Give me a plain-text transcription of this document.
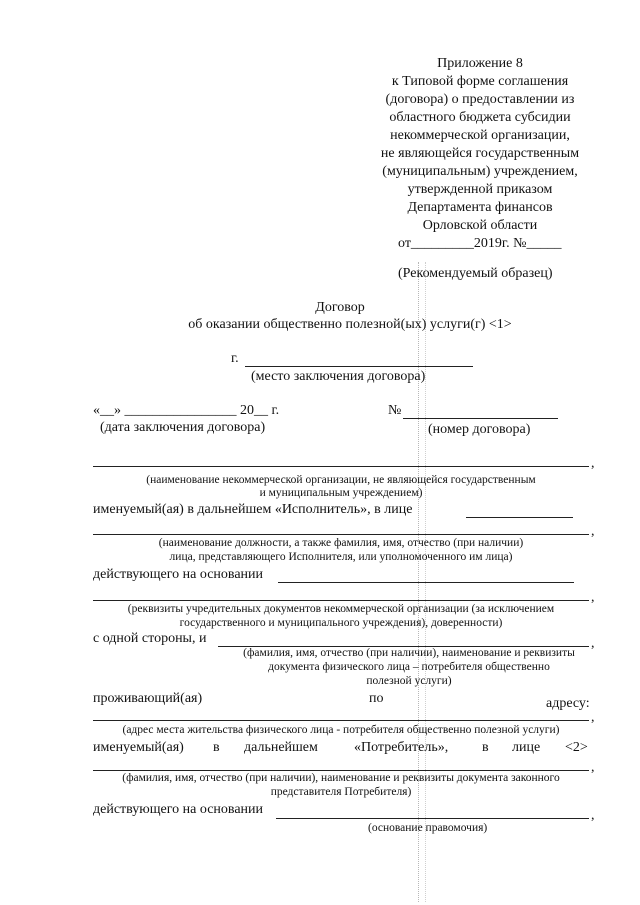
Приложение 8
к Типовой форме соглашения
(договора) о предоставлении из
областного бюджета субсидии
некоммерческой организации,
не являющейся государственным
(муниципальным) учреждением,
утвержденной приказом
Департамента финансов
Орловской области
от_________2019г. №_____
(Рекомендуемый образец)
Договор
об оказании общественно полезной(ых) услуги(г) <1>
г.
(место заключения договора)
«__» ________________ 20__ г.	№
(дата заключения договора)	(номер договора)
,
(наименование некоммерческой организации, не являющейся государственным
и муниципальным учреждением)
именуемый(ая) в дальнейшем «Исполнитель», в лице
,
(наименование должности, а также фамилия, имя, отчество (при наличии)
лица, представляющего Исполнителя, или уполномоченного им лица)
действующего на основании
,
(реквизиты учредительных документов некоммерческой организации (за исключением
государственного и муниципального учреждения), доверенности)
с одной стороны, и	,
(фамилия, имя, отчество (при наличии), наименование и реквизиты
документа физического лица – потребителя общественно
полезной услуги)
проживающий(ая)	по	адресу:
,
(адрес места жительства физического лица - потребителя общественно полезной услуги)
именуемый(ая) в дальнейшем	«Потребитель», в лице <2>
,
(фамилия, имя, отчество (при наличии), наименование и реквизиты документа законного
представителя Потребителя)
действующего на основании	,
(основание правомочия)
